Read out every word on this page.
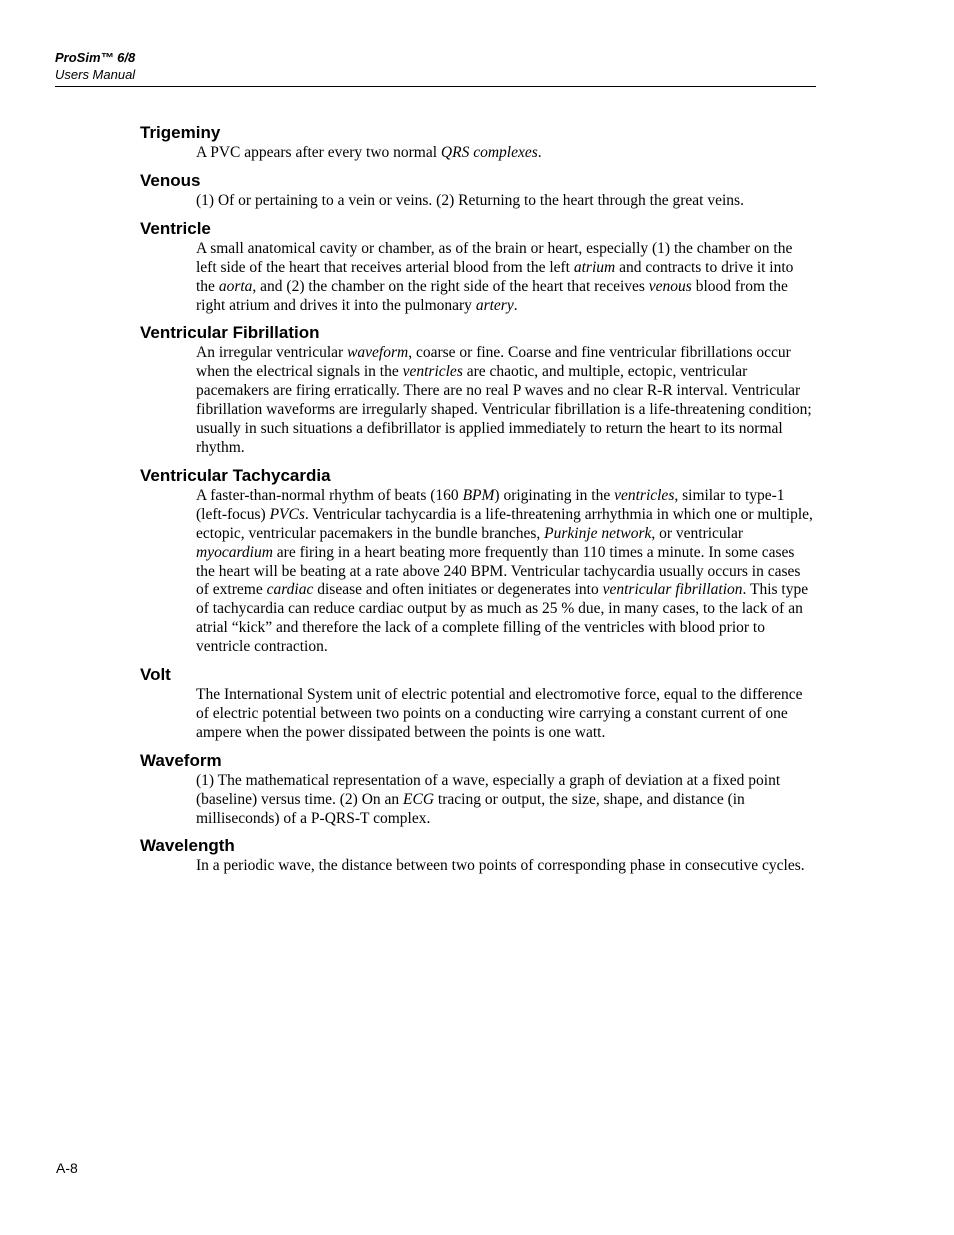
ProSim™ 6/8
Users Manual
Trigeminy
A PVC appears after every two normal QRS complexes.
Venous
(1) Of or pertaining to a vein or veins. (2) Returning to the heart through the great veins.
Ventricle
A small anatomical cavity or chamber, as of the brain or heart, especially (1) the chamber on the left side of the heart that receives arterial blood from the left atrium and contracts to drive it into the aorta, and (2) the chamber on the right side of the heart that receives venous blood from the right atrium and drives it into the pulmonary artery.
Ventricular Fibrillation
An irregular ventricular waveform, coarse or fine. Coarse and fine ventricular fibrillations occur when the electrical signals in the ventricles are chaotic, and multiple, ectopic, ventricular pacemakers are firing erratically. There are no real P waves and no clear R-R interval. Ventricular fibrillation waveforms are irregularly shaped. Ventricular fibrillation is a life-threatening condition; usually in such situations a defibrillator is applied immediately to return the heart to its normal rhythm.
Ventricular Tachycardia
A faster-than-normal rhythm of beats (160 BPM) originating in the ventricles, similar to type-1 (left-focus) PVCs. Ventricular tachycardia is a life-threatening arrhythmia in which one or multiple, ectopic, ventricular pacemakers in the bundle branches, Purkinje network, or ventricular myocardium are firing in a heart beating more frequently than 110 times a minute. In some cases the heart will be beating at a rate above 240 BPM. Ventricular tachycardia usually occurs in cases of extreme cardiac disease and often initiates or degenerates into ventricular fibrillation. This type of tachycardia can reduce cardiac output by as much as 25 % due, in many cases, to the lack of an atrial “kick” and therefore the lack of a complete filling of the ventricles with blood prior to ventricle contraction.
Volt
The International System unit of electric potential and electromotive force, equal to the difference of electric potential between two points on a conducting wire carrying a constant current of one ampere when the power dissipated between the points is one watt.
Waveform
(1) The mathematical representation of a wave, especially a graph of deviation at a fixed point (baseline) versus time. (2) On an ECG tracing or output, the size, shape, and distance (in milliseconds) of a P-QRS-T complex.
Wavelength
In a periodic wave, the distance between two points of corresponding phase in consecutive cycles.
A-8
